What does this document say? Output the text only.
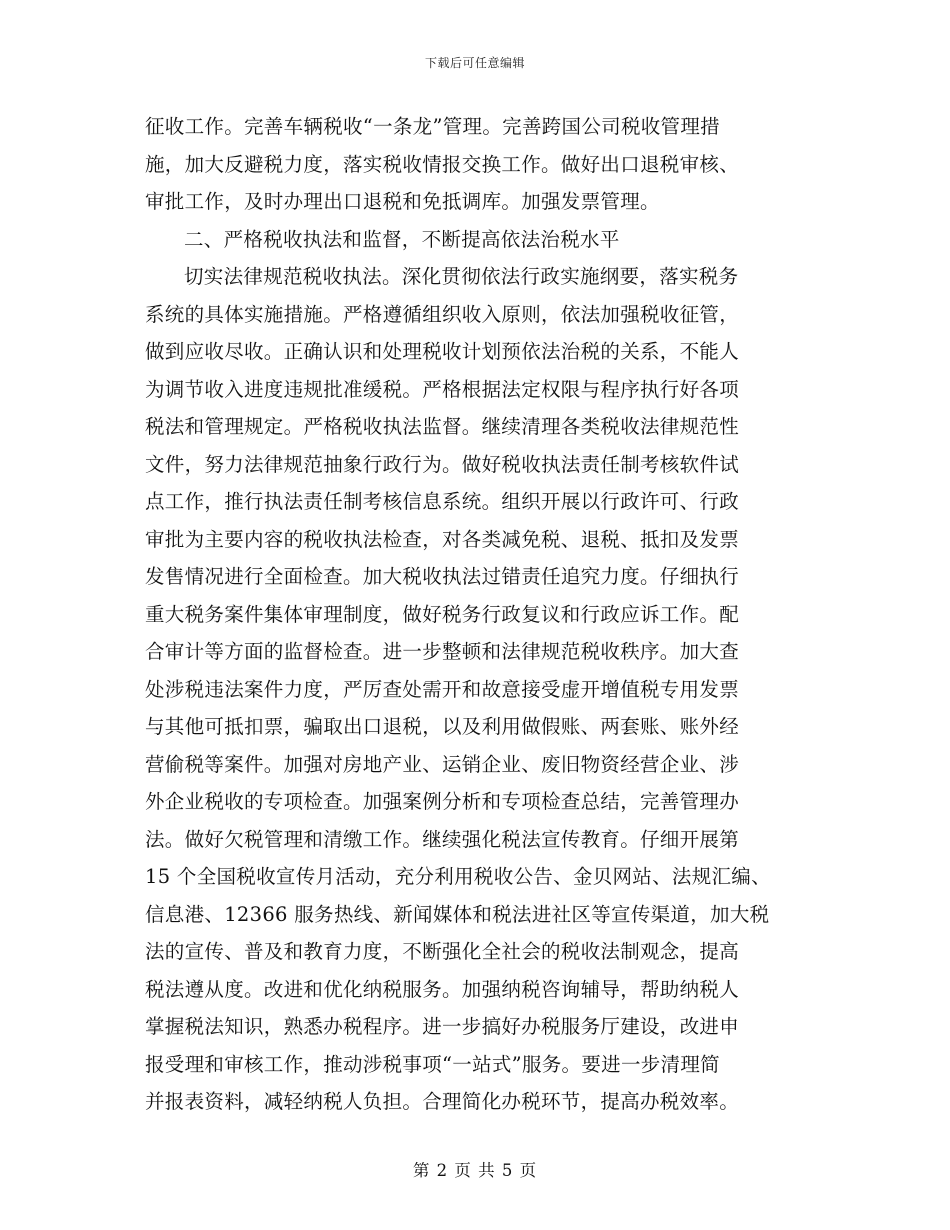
下载后可任意编辑
征收工作。完善车辆税收“一条龙”管理。完善跨国公司税收管理措
施，加大反避税力度，落实税收情报交换工作。做好出口退税审核、
审批工作，及时办理出口退税和免抵调库。加强发票管理。
二、严格税收执法和监督，不断提高依法治税水平
切实法律规范税收执法。深化贯彻依法行政实施纲要，落实税务
系统的具体实施措施。严格遵循组织收入原则，依法加强税收征管，
做到应收尽收。正确认识和处理税收计划预依法治税的关系，不能人
为调节收入进度违规批准缓税。严格根据法定权限与程序执行好各项
税法和管理规定。严格税收执法监督。继续清理各类税收法律规范性
文件，努力法律规范抽象行政行为。做好税收执法责任制考核软件试
点工作，推行执法责任制考核信息系统。组织开展以行政许可、行政
审批为主要内容的税收执法检查，对各类减免税、退税、抵扣及发票
发售情况进行全面检查。加大税收执法过错责任追究力度。仔细执行
重大税务案件集体审理制度，做好税务行政复议和行政应诉工作。配
合审计等方面的监督检查。进一步整顿和法律规范税收秩序。加大查
处涉税违法案件力度，严厉查处需开和故意接受虚开增值税专用发票
与其他可抵扣票，骗取出口退税，以及利用做假账、两套账、账外经
营偷税等案件。加强对房地产业、运销企业、废旧物资经营企业、涉
外企业税收的专项检查。加强案例分析和专项检查总结，完善管理办
法。做好欠税管理和清缴工作。继续强化税法宣传教育。仔细开展第
15 个全国税收宣传月活动，充分利用税收公告、金贝网站、法规汇编、
信息港、12366 服务热线、新闻媒体和税法进社区等宣传渠道，加大税
法的宣传、普及和教育力度，不断强化全社会的税收法制观念，提高
税法遵从度。改进和优化纳税服务。加强纳税咨询辅导，帮助纳税人
掌握税法知识，熟悉办税程序。进一步搞好办税服务厅建设，改进申
报受理和审核工作，推动涉税事项“一站式”服务。要进一步清理简
并报表资料，减轻纳税人负担。合理简化办税环节，提高办税效率。
第 2 页 共 5 页
